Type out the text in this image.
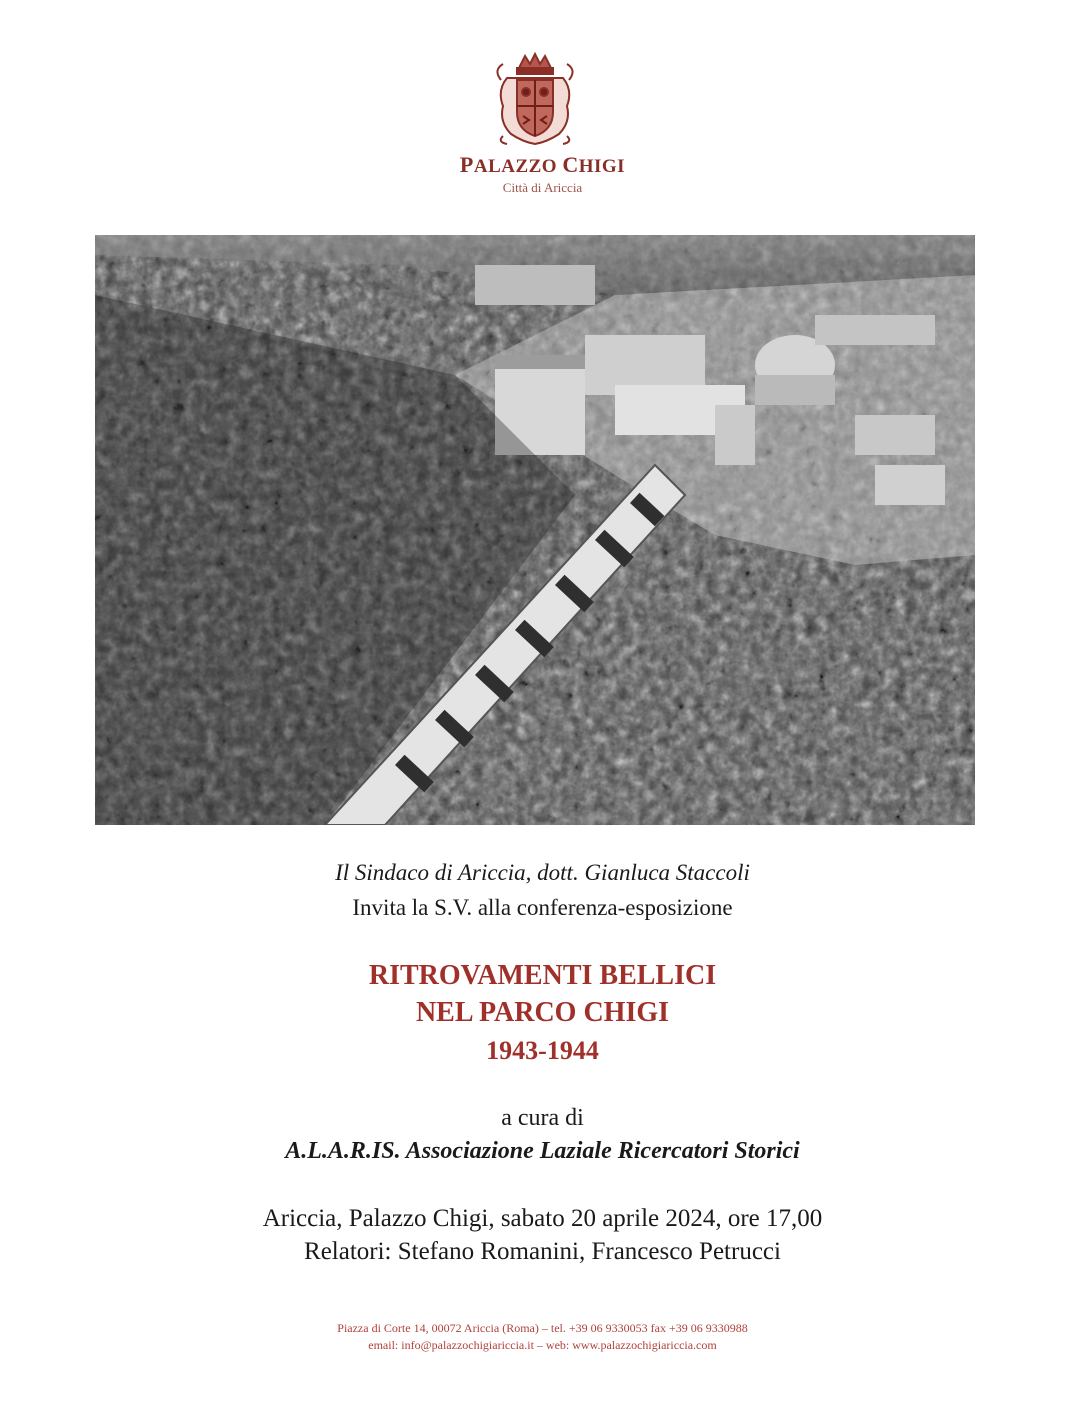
PALAZZO CHIGI
Città di Ariccia
Il Sindaco di Ariccia, dott. Gianluca Staccoli
Invita la S.V. alla conferenza-esposizione
RITROVAMENTI BELLICI
NEL PARCO CHIGI
1943-1944
a cura di
A.L.A.R.IS. Associazione Laziale Ricercatori Storici
Ariccia, Palazzo Chigi, sabato 20 aprile 2024, ore 17,00
Relatori: Stefano Romanini, Francesco Petrucci
Piazza di Corte 14, 00072 Ariccia (Roma) – tel. +39 06 9330053 fax +39 06 9330988
email: info@palazzochigiariccia.it – web: www.palazzochigiariccia.com
